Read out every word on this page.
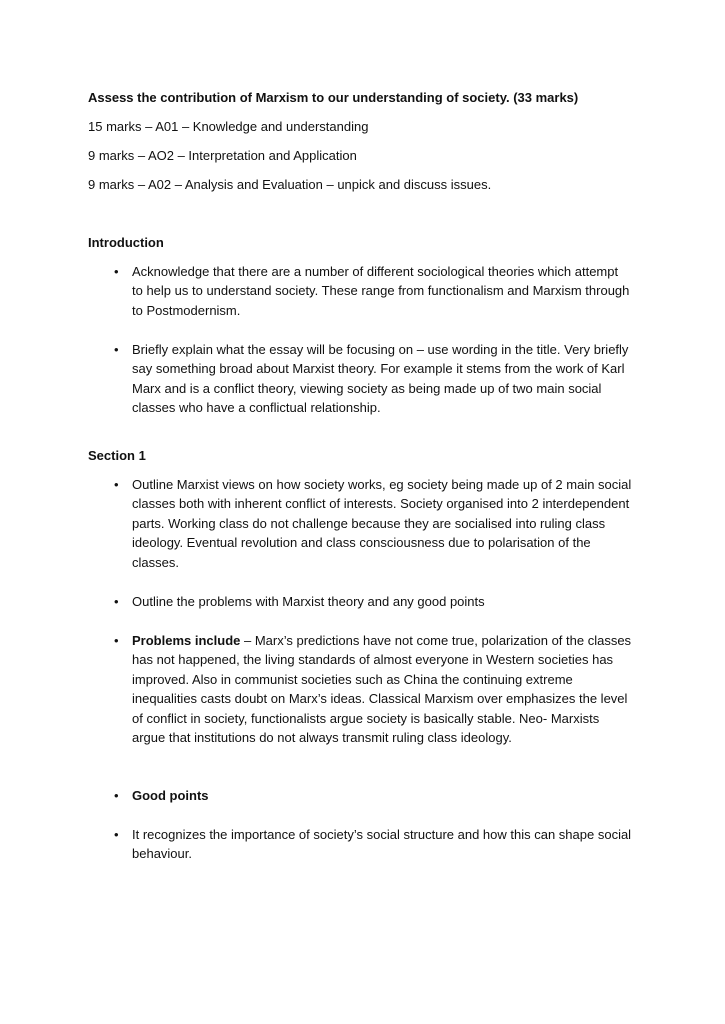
Assess the contribution of Marxism to our understanding of society. (33 marks)
15 marks – A01 – Knowledge and understanding
9 marks – AO2 – Interpretation and Application
9 marks – A02 – Analysis and Evaluation – unpick and discuss issues.
Introduction
• Acknowledge that there are a number of different sociological theories which attempt to help us to understand society. These range from functionalism and Marxism through to Postmodernism.
• Briefly explain what the essay will be focusing on – use wording in the title. Very briefly say something broad about Marxist theory. For example it stems from the work of Karl Marx and is a conflict theory, viewing society as being made up of two main social classes who have a conflictual relationship.
Section 1
• Outline Marxist views on how society works, eg society being made up of 2 main social classes both with inherent conflict of interests. Society organised into 2 interdependent parts. Working class do not challenge because they are socialised into ruling class ideology. Eventual revolution and class consciousness due to polarisation of the classes.
• Outline the problems with Marxist theory and any good points
• Problems include – Marx’s predictions have not come true, polarization of the classes has not happened, the living standards of almost everyone in Western societies has improved. Also in communist societies such as China the continuing extreme inequalities casts doubt on Marx’s ideas. Classical Marxism over emphasizes the level of conflict in society, functionalists argue society is basically stable. Neo- Marxists argue that institutions do not always transmit ruling class ideology.
• Good points
• It recognizes the importance of society’s social structure and how this can shape social behaviour.
